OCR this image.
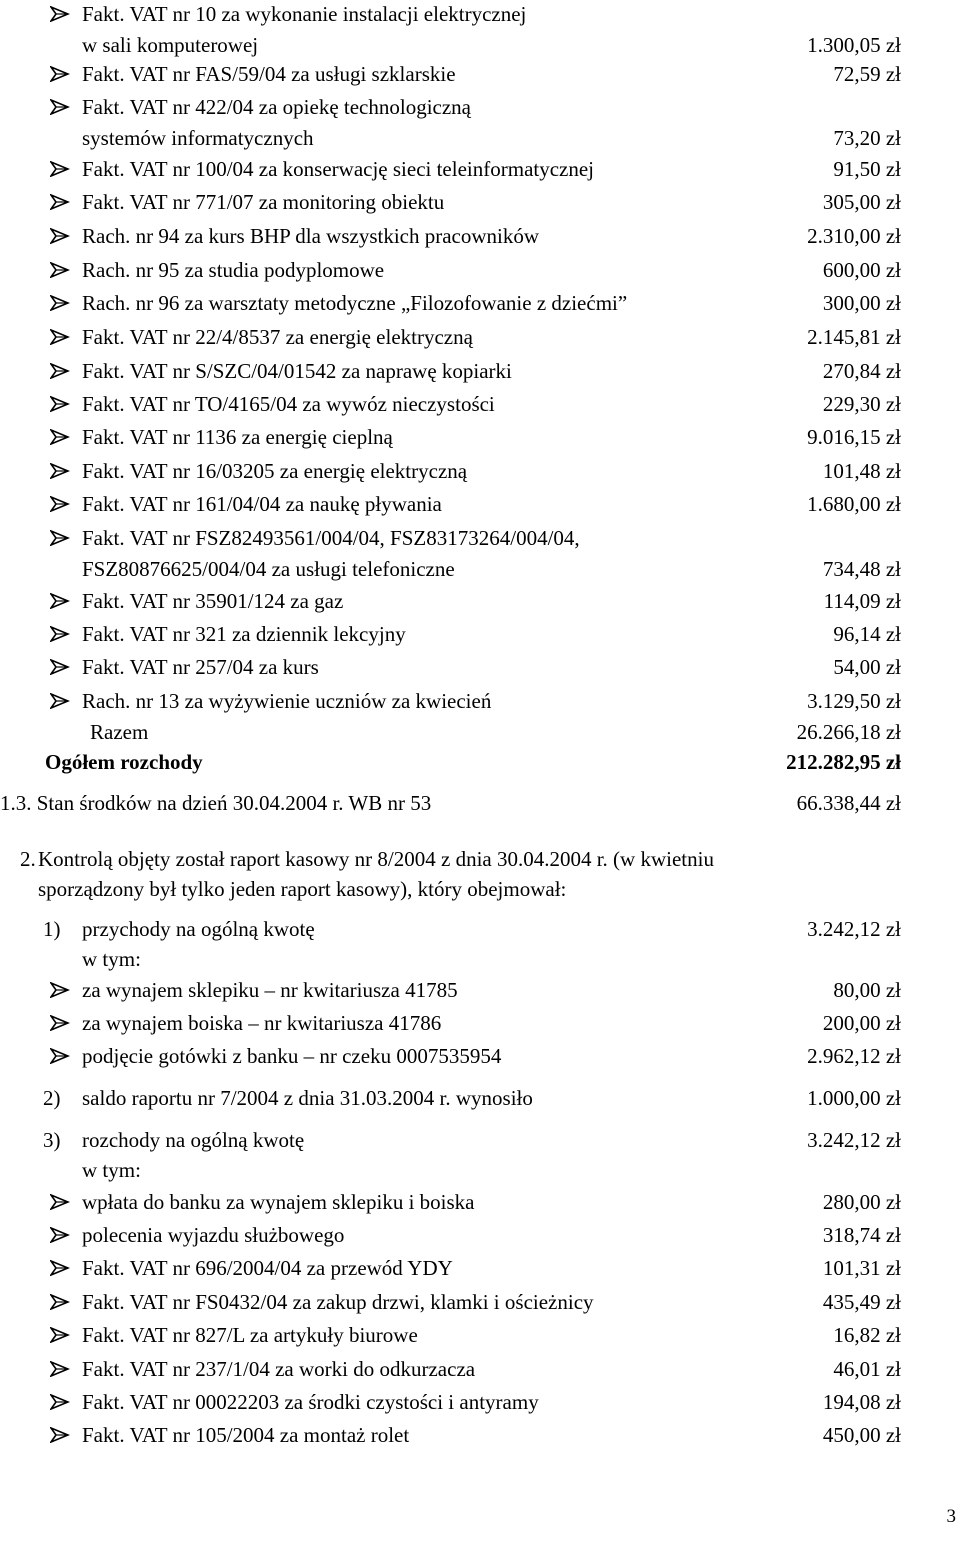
Fakt. VAT nr 10 za wykonanie instalacji elektrycznej
w sali komputerowej	1.300,05 zł
Fakt. VAT nr FAS/59/04 za usługi szklarskie	72,59 zł
Fakt. VAT nr 422/04 za opiekę technologiczną
systemów informatycznych	73,20 zł
Fakt. VAT nr 100/04 za konserwację sieci teleinformatycznej	91,50 zł
Fakt. VAT nr 771/07 za monitoring obiektu	305,00 zł
Rach. nr 94 za kurs BHP dla wszystkich pracowników	2.310,00 zł
Rach. nr 95 za studia podyplomowe	600,00 zł
Rach. nr 96 za warsztaty metodyczne „Filozofowanie z dziećmi”	300,00 zł
Fakt. VAT nr 22/4/8537 za energię elektryczną	2.145,81 zł
Fakt. VAT nr S/SZC/04/01542 za naprawę kopiarki	270,84 zł
Fakt. VAT nr TO/4165/04 za wywóz nieczystości	229,30 zł
Fakt. VAT nr 1136 za energię cieplną	9.016,15 zł
Fakt. VAT nr 16/03205 za energię elektryczną	101,48 zł
Fakt. VAT nr 161/04/04 za naukę pływania	1.680,00 zł
Fakt. VAT nr FSZ82493561/004/04, FSZ83173264/004/04,
FSZ80876625/004/04 za usługi telefoniczne	734,48 zł
Fakt. VAT nr 35901/124 za gaz	114,09 zł
Fakt. VAT nr 321 za dziennik lekcyjny	96,14 zł
Fakt. VAT nr 257/04 za kurs	54,00 zł
Rach. nr 13 za wyżywienie uczniów za kwiecień	3.129,50 zł
Razem	26.266,18 zł
Ogółem rozchody	212.282,95 zł
1.3. Stan środków na dzień 30.04.2004 r. WB nr 53	66.338,44 zł
2. Kontrolą objęty został raport kasowy nr 8/2004 z dnia 30.04.2004 r. (w kwietniu
sporządzony był tylko jeden raport kasowy), który obejmował:
1) przychody na ogólną kwotę	3.242,12 zł
w tym:
za wynajem sklepiku – nr kwitariusza 41785	80,00 zł
za wynajem boiska – nr kwitariusza 41786	200,00 zł
podjęcie gotówki z banku – nr czeku 0007535954	2.962,12 zł
2) saldo raportu nr 7/2004 z dnia 31.03.2004 r. wynosiło	1.000,00 zł
3) rozchody na ogólną kwotę	3.242,12 zł
w tym:
wpłata do banku za wynajem sklepiku i boiska	280,00 zł
polecenia wyjazdu służbowego	318,74 zł
Fakt. VAT nr 696/2004/04 za przewód YDY	101,31 zł
Fakt. VAT nr FS0432/04 za zakup drzwi, klamki i ościeżnicy	435,49 zł
Fakt. VAT nr 827/L za artykuły biurowe	16,82 zł
Fakt. VAT nr 237/1/04 za worki do odkurzacza	46,01 zł
Fakt. VAT nr 00022203 za środki czystości i antyramy	194,08 zł
Fakt. VAT nr 105/2004 za montaż rolet	450,00 zł
3
